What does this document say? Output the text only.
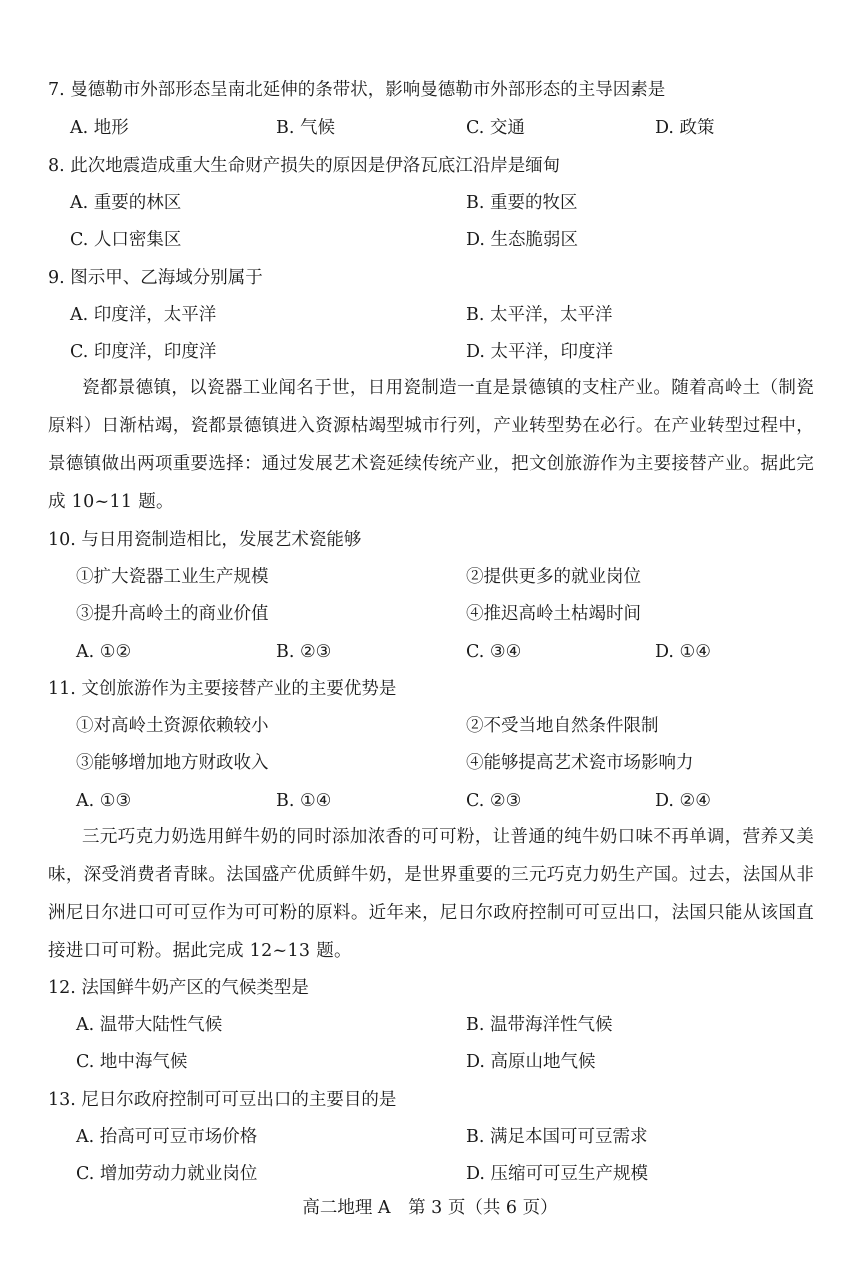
7. 曼德勒市外部形态呈南北延伸的条带状，影响曼德勒市外部形态的主导因素是
A. 地形	B. 气候	C. 交通	D. 政策
8. 此次地震造成重大生命财产损失的原因是伊洛瓦底江沿岸是缅甸
A. 重要的林区	B. 重要的牧区
C. 人口密集区	D. 生态脆弱区
9. 图示甲、乙海域分别属于
A. 印度洋，太平洋	B. 太平洋，太平洋
C. 印度洋，印度洋	D. 太平洋，印度洋
瓷都景德镇，以瓷器工业闻名于世，日用瓷制造一直是景德镇的支柱产业。随着高岭土（制瓷原料）日渐枯竭，瓷都景德镇进入资源枯竭型城市行列，产业转型势在必行。在产业转型过程中，景德镇做出两项重要选择：通过发展艺术瓷延续传统产业，把文创旅游作为主要接替产业。据此完成 10~11 题。
10. 与日用瓷制造相比，发展艺术瓷能够
①扩大瓷器工业生产规模	②提供更多的就业岗位
③提升高岭土的商业价值	④推迟高岭土枯竭时间
A. ①②	B. ②③	C. ③④	D. ①④
11. 文创旅游作为主要接替产业的主要优势是
①对高岭土资源依赖较小	②不受当地自然条件限制
③能够增加地方财政收入	④能够提高艺术瓷市场影响力
A. ①③	B. ①④	C. ②③	D. ②④
三元巧克力奶选用鲜牛奶的同时添加浓香的可可粉，让普通的纯牛奶口味不再单调，营养又美味，深受消费者青睐。法国盛产优质鲜牛奶，是世界重要的三元巧克力奶生产国。过去，法国从非洲尼日尔进口可可豆作为可可粉的原料。近年来，尼日尔政府控制可可豆出口，法国只能从该国直接进口可可粉。据此完成 12~13 题。
12. 法国鲜牛奶产区的气候类型是
A. 温带大陆性气候	B. 温带海洋性气候
C. 地中海气候	D. 高原山地气候
13. 尼日尔政府控制可可豆出口的主要目的是
A. 抬高可可豆市场价格	B. 满足本国可可豆需求
C. 增加劳动力就业岗位	D. 压缩可可豆生产规模
高二地理 A　第 3 页（共 6 页）
